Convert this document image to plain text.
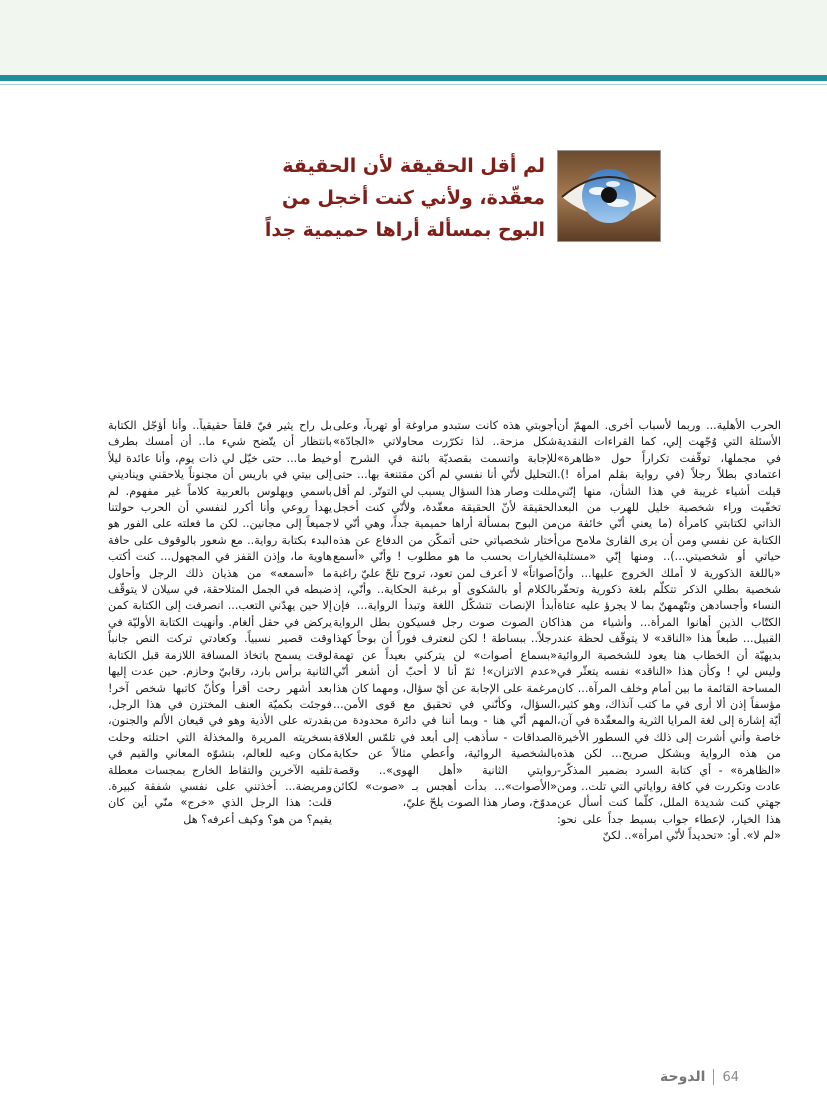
لم أقل الحقيقة لأن الحقيقة
معقّدة، ولأني كنت أخجل من
البوح بمسألة أراها حميمية جداً

الحرب الأهلية... وربما لأسباب أخرى. المهمّ أن الأسئلة التي وُجّهت إلي، كما القراءات النقدية في مجملها، توقّفت تكراراً حول «ظاهرة» اعتمادي بطلاً رجلاً (في رواية بقلم امرأة !). قيلت أشياء غريبة في هذا الشأن، منها إنّني تخفّيت وراء شخصية خليل للهرب من البعد الذاتي لكتابتي كامرأة (ما يعني أنّي خائفة من الكتابة عن نفسي ومن أن يرى القارئ ملامح من حياتي أو شخصيتي...).. ومنها إنّي «مستلبة «باللغة الذكورية لا أملك الخروج عليها... وأنّ شخصية بطلي الذكر تتكلّم بلغة ذكورية وتحقّر النساء وأجسادهن وتتّهمهنّ بما لا يجرؤ عليه عتاة الكتّاب الذين أهانوا المرأة... وأشياء من هذا القبيل... طبعاً هذا «الناقد» لا يتوقّف لحظة عند بديهيّة أن الخطاب هنا يعود للشخصية الروائية وليس لي ! وكأن هذا «الناقد» نفسه يتعثّر في المساحة القائمة ما بين أمام وخلف المرآة... كان مؤسفاً إذن ألا أرى في ما كتب آنذاك، وهو كثير، أيّة إشارة إلى لغة المرايا الثرية والمعقّدة في آن، خاصة وأني أشرت إلى ذلك في السطور الأخيرة من هذه الرواية وبشكل صريح... لكن هذه «الظاهرة» - أي كتابة السرد بضمير المذكّر- عادت وتكررت في كافة رواياتي التي تلت.. ومن جهتي كنت شديدة الملل، كلّما كنت أسأل عن هذا الخيار، لإعطاء جواب بسيط جداً على نحو: «لم لا». أو: «تحديداً لأنّي امرأة».. لكنّ

أجوبتي هذه كانت ستبدو مراوغة أو تهرباً، وعلى شكل مزحة.. لذا تكرّرت محاولاتي «الجادّة» للإجابة واتسمت بقصديّة بائنة في الشرح أو التحليل لأنّي أنا نفسي لم أكن مقتنعة بها... حتى مللت وصار هذا السؤال يسبب لي التوتّر. لم أقل الحقيقة لأنّ الحقيقة معقّدة، ولأنّي كنت أخجل من البوح بمسألة أراها حميمية جداً، وهي أنّي لا أختار شخصياتي حتى أتمكّن من الدفاع عن هذه الخيارات بحسب ما هو مطلوب ! وأنّي «أسمع أصواتاً» لا أعرف لمن تعود، تروح تلحّ عليّ راغبة بالكلام أو بالشكوى أو برغبة الحكاية.. وأنّي، إذ أبدأ الإنصات تتشكّل اللغة وتبدأ الرواية... فإن كان الصوت صوت رجل فسيكون بطل الرواية رجلاً.. ببساطة ! لكن لنعترف فوراً أن بوحاً كهذا «بسماع أصوات» لن يتركني بعيداً عن تهمة «عدم الاتزان»! ثمّ أنا لا أحبّ أن أشعر أنّي مرغمة على الإجابة عن أيّ سؤال، ومهما كان هذا السؤال، وكأنّني في تحقيق مع قوى الأمن... المهم أنّي هنا - وبما أننا في دائرة محدودة من الصداقات - سأذهب إلى أبعد في تلمّس العلاقة بالشخصية الروائية، وأعطي مثالاً عن حكاية روايتي الثانية «أهل الهوى».. وقصة «الأصوات»... بدأت أهجس بـ «صوت» لكائن مدوّخ، وصار هذا الصوت يلحّ عليّ،

بل راح يثير فيّ قلقاً حقيقياً.. وأنا أؤجّل الكتابة بانتظار أن يتّضح شيء ما.. أن أمسك بطرف خيط ما... حتى خيّل لي ذات يوم، وأنا عائدة ليلاً إلى بيتي في باريس أن مجنوناً يلاحقني ويناديني باسمي ويهلوس بالعربية كلاماً غير مفهوم. لم يهدأ روعي وأنا أكرر لنفسي أن الحرب حولتنا جميعاً إلى مجانين.. لكن ما فعلته على الفور هو البدء بكتابة رواية.. مع شعور بالوقوف على حافة هاوية ما، وإذن القفز في المجهول... كنت أكتب ما «أسمعه» من هذيان ذلك الرجل وأحاول ضبطه في الجمل المتلاحقة، في سيلان لا يتوقّف إلا حين يهدّني التعب... انصرفت إلى الكتابة كمن يركض في حقل ألغام. وأنهيت الكتابة الأوليّة في وقت قصير نسبياً. وكعادتي تركت النص جانباً لوقت يسمح باتخاذ المسافة اللازمة قبل الكتابة الثانية برأس بارد، رقابيّ وحازم. حين عدت إليها بعد أشهر رحت أقرأ وكأنّ كاتبها شخص آخر! فوجئت بكميّة العنف المختزن في هذا الرجل، بقدرته على الأذية وهو في قيعان الألم والجنون، بسخريته المريرة والمخذلة التي احتلته وحلت مكان وعيه للعالم، بتشوّه المعاني والقيم في تلقيه الآخرين والتقاط الخارج بمجسات معطلة ومريضة... أخذتني على نفسي شفقة كبيرة. قلت: هذا الرجل الذي «خرج» منّي أين كان يقيم؟ من هو؟ وكيف أعرفه؟ هل

الدوحة 64
